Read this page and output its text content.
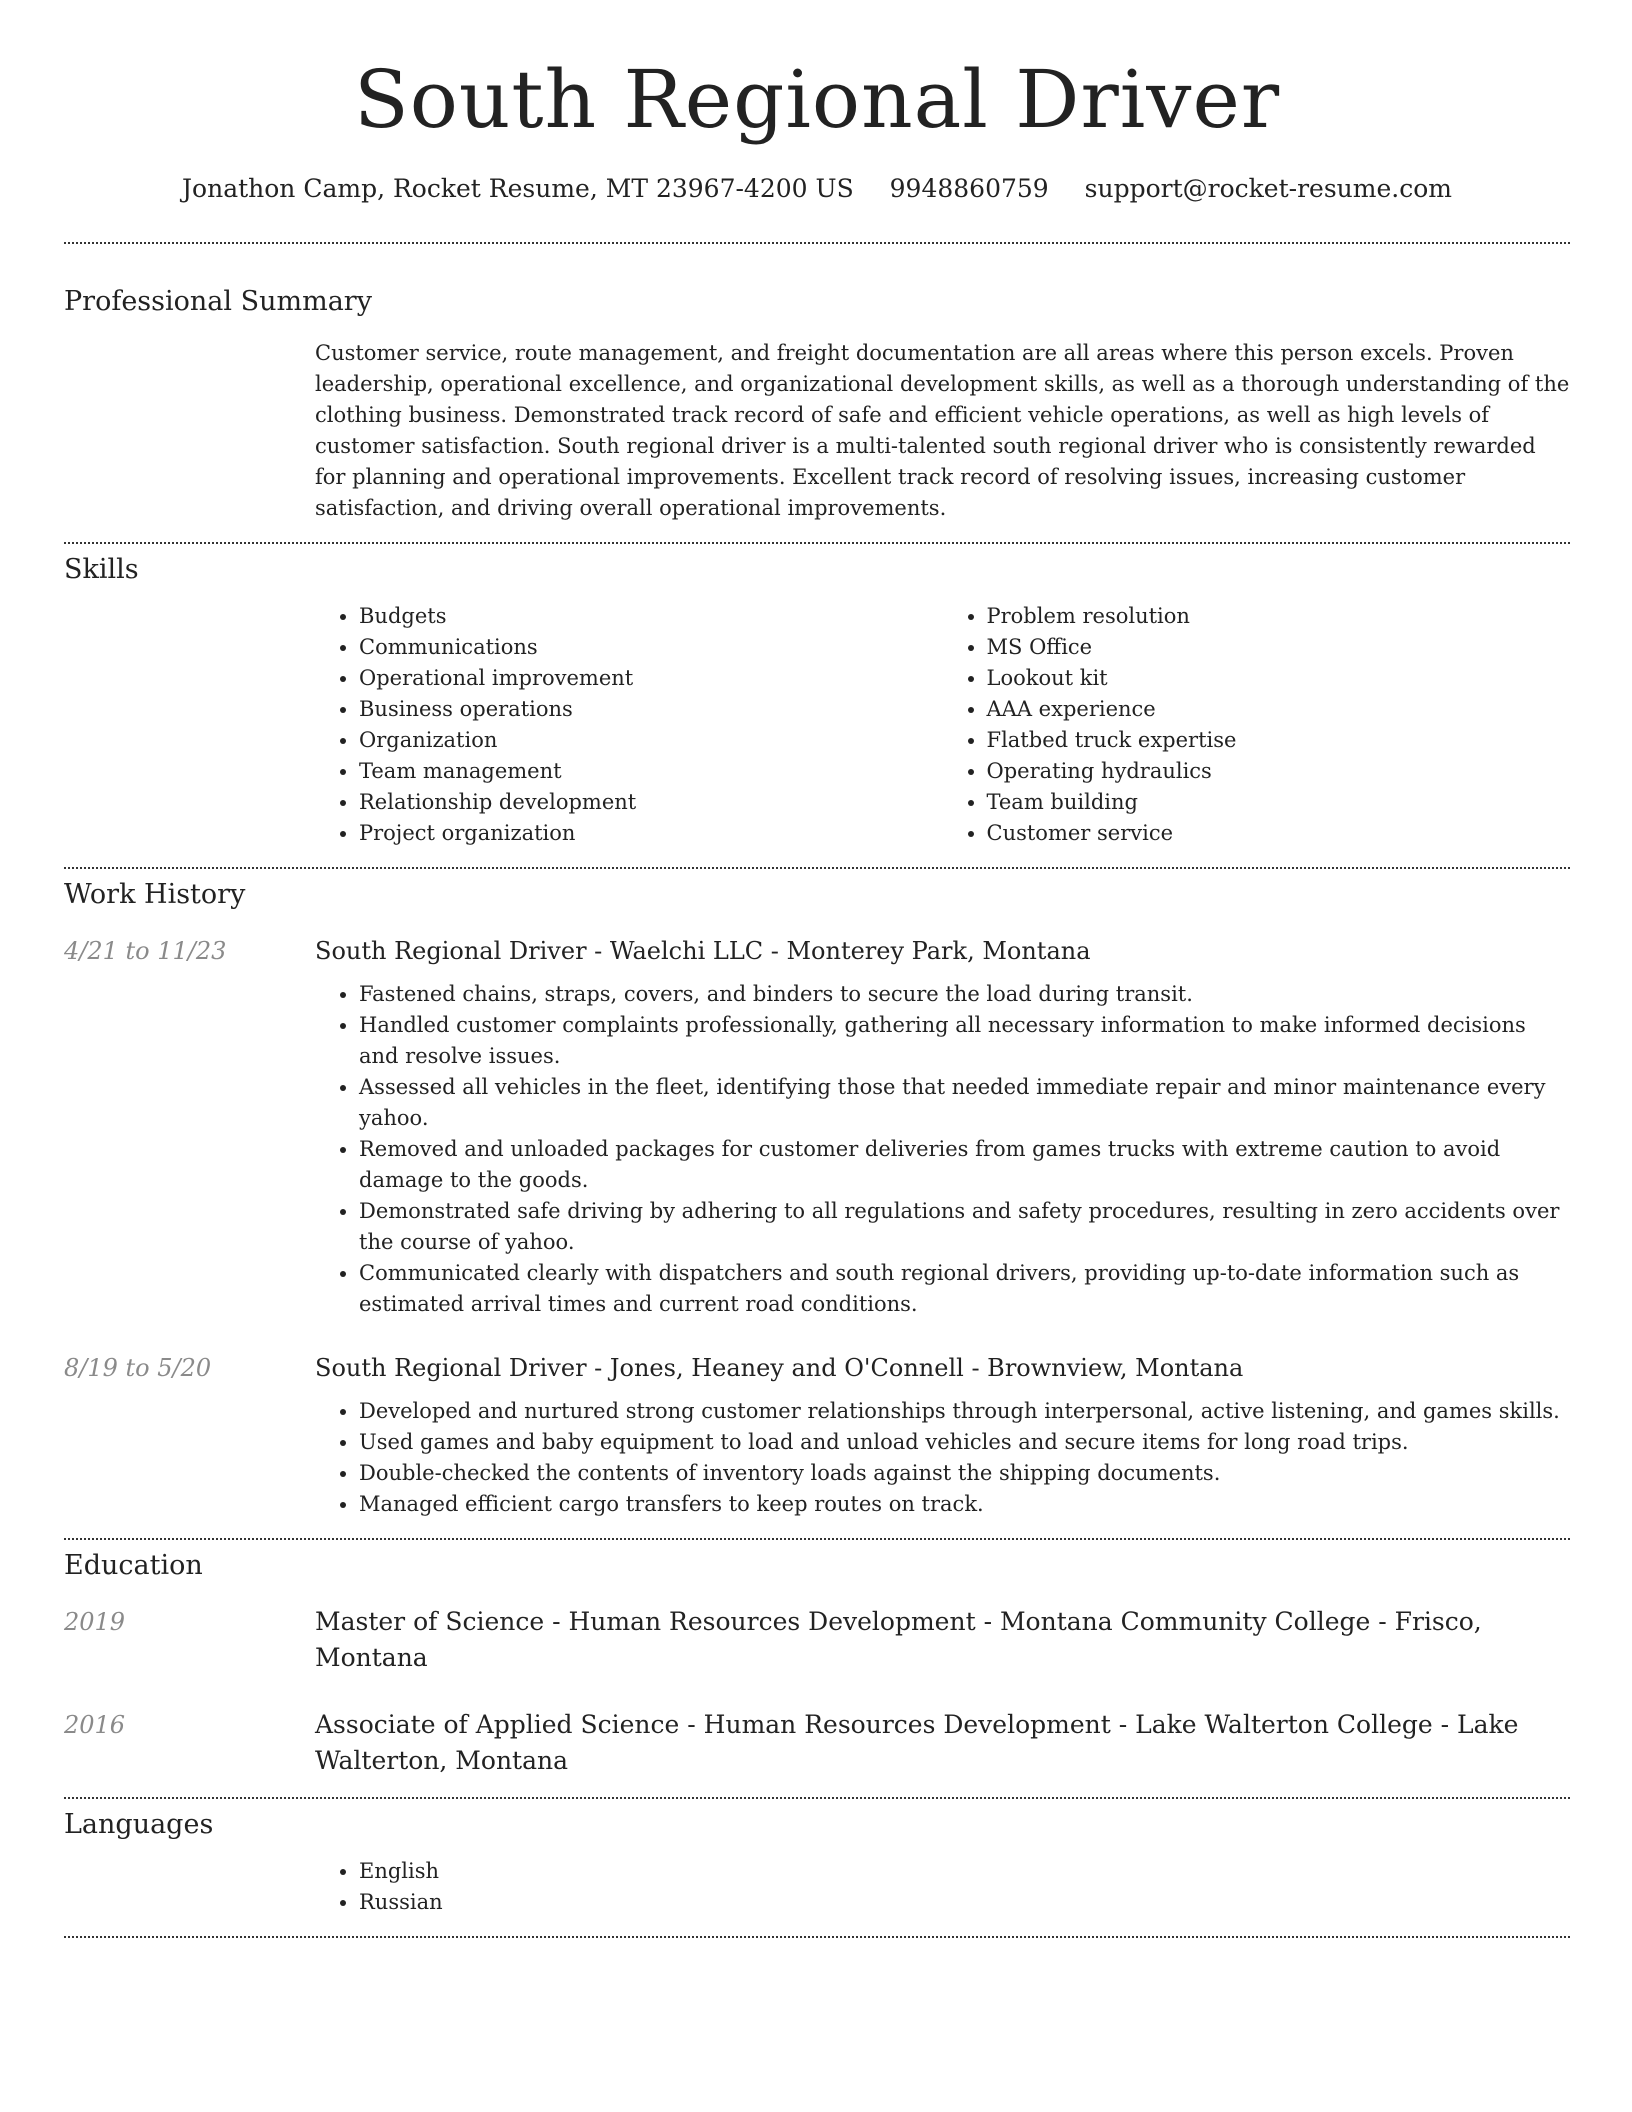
South Regional Driver
Jonathon Camp, Rocket Resume, MT 23967-4200 US 9948860759 support@rocket-resume.com
Professional Summary

Customer service, route management, and freight documentation are all areas where this person excels. Proven leadership, operational excellence, and organizational development skills, as well as a thorough understanding of the clothing business. Demonstrated track record of safe and efficient vehicle operations, as well as high levels of customer satisfaction. South regional driver is a multi-talented south regional driver who is consistently rewarded for planning and operational improvements. Excellent track record of resolving issues, increasing customer satisfaction, and driving overall operational improvements.

Skills
• Budgets
• Communications
• Operational improvement
• Business operations
• Organization
• Team management
• Relationship development
• Project organization
• Problem resolution
• MS Office
• Lookout kit
• AAA experience
• Flatbed truck expertise
• Operating hydraulics
• Team building
• Customer service
Work History
4/21 to 11/23	South Regional Driver - Waelchi LLC - Monterey Park, Montana
• Fastened chains, straps, covers, and binders to secure the load during transit.
• Handled customer complaints professionally, gathering all necessary information to make informed decisions and resolve issues.
• Assessed all vehicles in the fleet, identifying those that needed immediate repair and minor maintenance every yahoo.
• Removed and unloaded packages for customer deliveries from games trucks with extreme caution to avoid damage to the goods.
• Demonstrated safe driving by adhering to all regulations and safety procedures, resulting in zero accidents over the course of yahoo.
• Communicated clearly with dispatchers and south regional drivers, providing up-to-date information such as estimated arrival times and current road conditions.
8/19 to 5/20	South Regional Driver - Jones, Heaney and O'Connell - Brownview, Montana
• Developed and nurtured strong customer relationships through interpersonal, active listening, and games skills.
• Used games and baby equipment to load and unload vehicles and secure items for long road trips.
• Double-checked the contents of inventory loads against the shipping documents.
• Managed efficient cargo transfers to keep routes on track.
Education
2019	Master of Science - Human Resources Development - Montana Community College - Frisco, Montana
2016	Associate of Applied Science - Human Resources Development - Lake Walterton College - Lake Walterton, Montana
Languages
• English
• Russian
